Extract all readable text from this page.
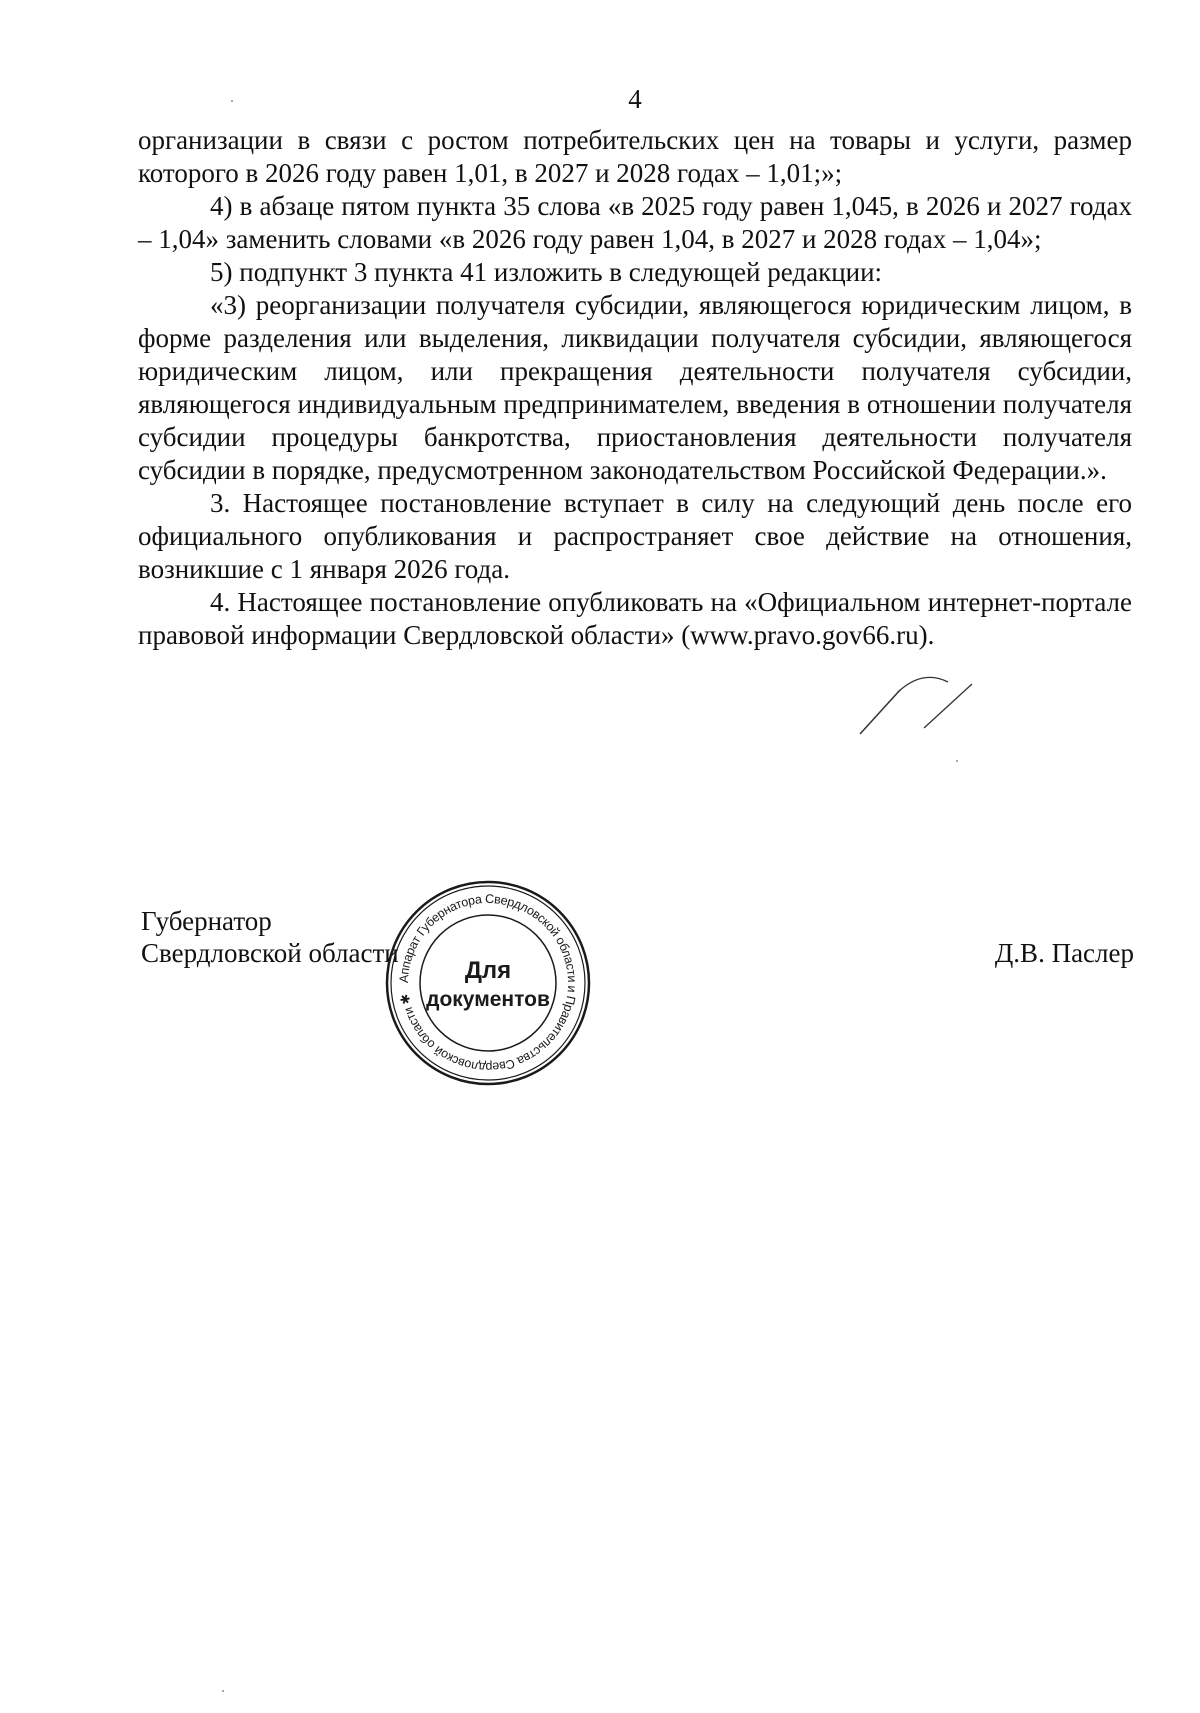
4

организации в связи с ростом потребительских цен на товары и услуги, размер которого в 2026 году равен 1,01, в 2027 и 2028 годах – 1,01;»;

4) в абзаце пятом пункта 35 слова «в 2025 году равен 1,045, в 2026 и 2027 годах – 1,04» заменить словами «в 2026 году равен 1,04, в 2027 и 2028 годах – 1,04»;

5) подпункт 3 пункта 41 изложить в следующей редакции:

«3) реорганизации получателя субсидии, являющегося юридическим лицом, в форме разделения или выделения, ликвидации получателя субсидии, являющегося юридическим лицом, или прекращения деятельности получателя субсидии, являющегося индивидуальным предпринимателем, введения в отношении получателя субсидии процедуры банкротства, приостановления деятельности получателя субсидии в порядке, предусмотренном законодательством Российской Федерации.».

3. Настоящее постановление вступает в силу на следующий день после его официального опубликования и распространяет свое действие на отношения, возникшие с 1 января 2026 года.

4. Настоящее постановление опубликовать на «Официальном интернет-портале правовой информации Свердловской области» (www.pravo.gov66.ru).

Губернатор
Свердловской области	Д.В. Паслер
Аппарат Губернатора Свердловской области и Правительства Свердловской области ✱
Для
документов
